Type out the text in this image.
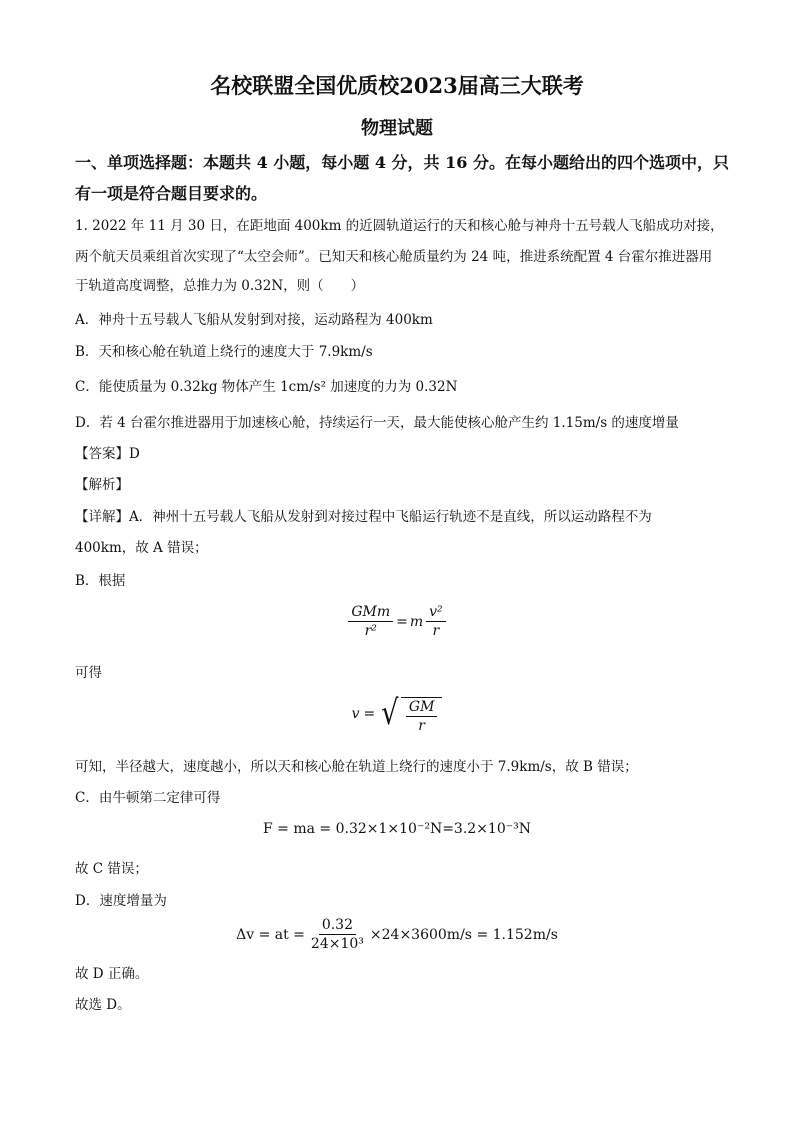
名校联盟全国优质校2023届高三大联考
物理试题
一、单项选择题：本题共 4 小题，每小题 4 分，共 16 分。在每小题给出的四个选项中，只
有一项是符合题目要求的。
1. 2022 年 11 月 30 日，在距地面 400km 的近圆轨道运行的天和核心舱与神舟十五号载人飞船成功对接，
两个航天员乘组首次实现了“太空会师”。已知天和核心舱质量约为 24 吨，推进系统配置 4 台霍尔推进器用
于轨道高度调整，总推力为 0.32N，则（　　）
A．神舟十五号载人飞船从发射到对接，运动路程为 400km
B．天和核心舱在轨道上绕行的速度大于 7.9km/s
C．能使质量为 0.32kg 物体产生 1cm/s² 加速度的力为 0.32N
D．若 4 台霍尔推进器用于加速核心舱，持续运行一天，最大能使核心舱产生约 1.15m/s 的速度增量
【答案】D
【解析】
【详解】A．神州十五号载人飞船从发射到对接过程中飞船运行轨迹不是直线，所以运动路程不为
400km，故 A 错误；
B．根据
$\frac{\text{GMm}}{\text{r²}} = m \frac{\text{v²}}{r}$
可得
v = √ $\frac{GM}{r}$
可知，半径越大，速度越小，所以天和核心舱在轨道上绕行的速度小于 7.9km/s，故 B 错误；
C．由牛顿第二定律可得
F = ma = 0.32×1×10⁻²N=3.2×10⁻³N
故 C 错误；
D．速度增量为
Δv = at = $\frac{0.32}{\text{24×10³}} \times 24\times 3600m/s = 1.152m/s$
故 D 正确。
故选 D。
